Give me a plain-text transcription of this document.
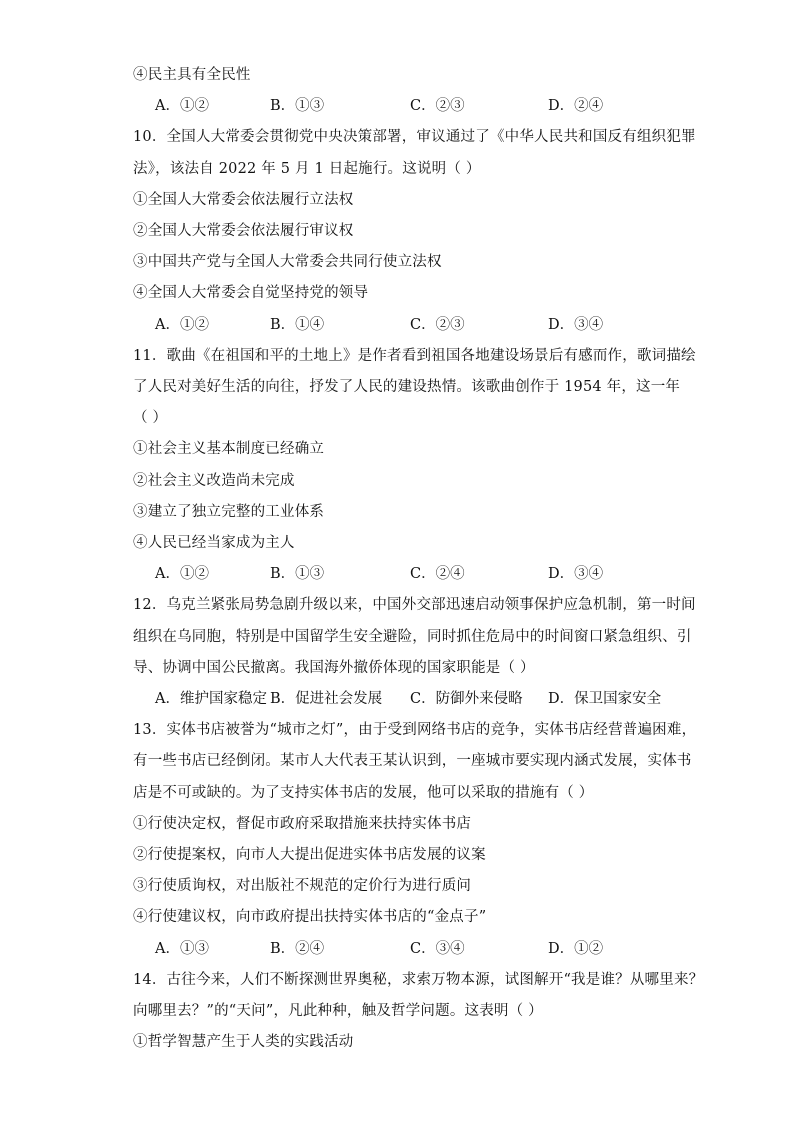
④民主具有全民性
A．①②	B．①③	C．②③	D．②④
10．全国人大常委会贯彻党中央决策部署，审议通过了《中华人民共和国反有组织犯罪
法》，该法自 2022 年 5 月 1 日起施行。这说明（ ）
①全国人大常委会依法履行立法权
②全国人大常委会依法履行审议权
③中国共产党与全国人大常委会共同行使立法权
④全国人大常委会自觉坚持党的领导
A．①②	B．①④	C．②③	D．③④
11．歌曲《在祖国和平的土地上》是作者看到祖国各地建设场景后有感而作，歌词描绘
了人民对美好生活的向往，抒发了人民的建设热情。该歌曲创作于 1954 年，这一年
（ ）
①社会主义基本制度已经确立
②社会主义改造尚未完成
③建立了独立完整的工业体系
④人民已经当家成为主人
A．①②	B．①③	C．②④	D．③④
12．乌克兰紧张局势急剧升级以来，中国外交部迅速启动领事保护应急机制，第一时间
组织在乌同胞，特别是中国留学生安全避险，同时抓住危局中的时间窗口紧急组织、引
导、协调中国公民撤离。我国海外撤侨体现的国家职能是（ ）
A．维护国家稳定 B．促进社会发展 C．防御外来侵略 D．保卫国家安全
13．实体书店被誉为“城市之灯”，由于受到网络书店的竞争，实体书店经营普遍困难，
有一些书店已经倒闭。某市人大代表王某认识到，一座城市要实现内涵式发展，实体书
店是不可或缺的。为了支持实体书店的发展，他可以采取的措施有（ ）
①行使决定权，督促市政府采取措施来扶持实体书店
②行使提案权，向市人大提出促进实体书店发展的议案
③行使质询权，对出版社不规范的定价行为进行质问
④行使建议权，向市政府提出扶持实体书店的“金点子”
A．①③	B．②④	C．③④	D．①②
14．古往今来，人们不断探测世界奥秘，求索万物本源，试图解开“我是谁？从哪里来？
向哪里去？”的“天问”，凡此种种，触及哲学问题。这表明（ ）
①哲学智慧产生于人类的实践活动
